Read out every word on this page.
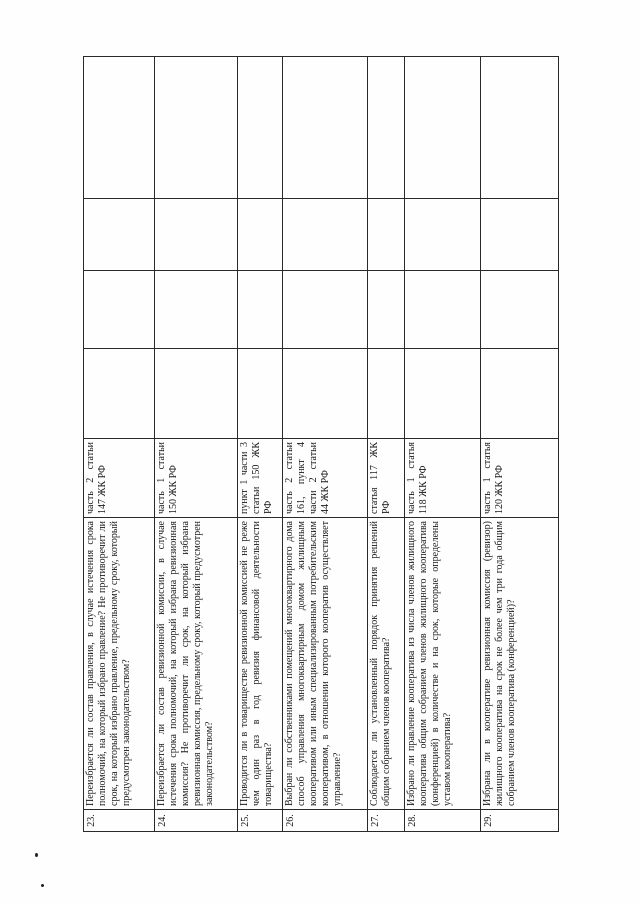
23.	Переизбрается ли состав правления, в случае истечения срока полномочий, на который избрано правление? Не противоречит ли срок, на который избрано правление, предельному сроку, который предусмотрен законодательством?	часть 2 статьи 147 ЖК РФ				
24.	Переизбрается ли состав ревизионной комиссии, в случае истечения срока полномочий, на который избрана ревизионная комиссия? Не противоречит ли срок, на который избрана ревизионная комиссия, предельному сроку, который предусмотрен законодательством?	часть 1 статьи 150 ЖК РФ				
25.	Проводится ли в товариществе ревизионной комиссией не реже чем один раз в год ревизия финансовой деятельности товарищества?	пункт 1 части 3 статьи 150 ЖК РФ				
26.	Выбран ли собственниками помещений многоквартирного дома способ управления многоквартирным домом жилищным кооперативом или иным специализированным потребительским кооперативом, в отношении которого кооператив осуществляет управление?	часть 2 статьи 161, пункт 4 части 2 статьи 44 ЖК РФ				
27.	Соблюдается ли установленный порядок принятия решений общим собранием членов кооператива?	статья 117 ЖК РФ				
28.	Избрано ли правление кооператива из числа членов жилищного кооператива общим собранием членов жилищного кооператива (конференцией) в количестве и на срок, которые определены уставом кооператива?	часть 1 статья 118 ЖК РФ				
29.	Избрана ли в кооперативе ревизионная комиссия (ревизор) жилищного кооператива на срок не более чем три года общим собранием членов кооператива (конференцией)?	часть 1 статья 120 ЖК РФ				
